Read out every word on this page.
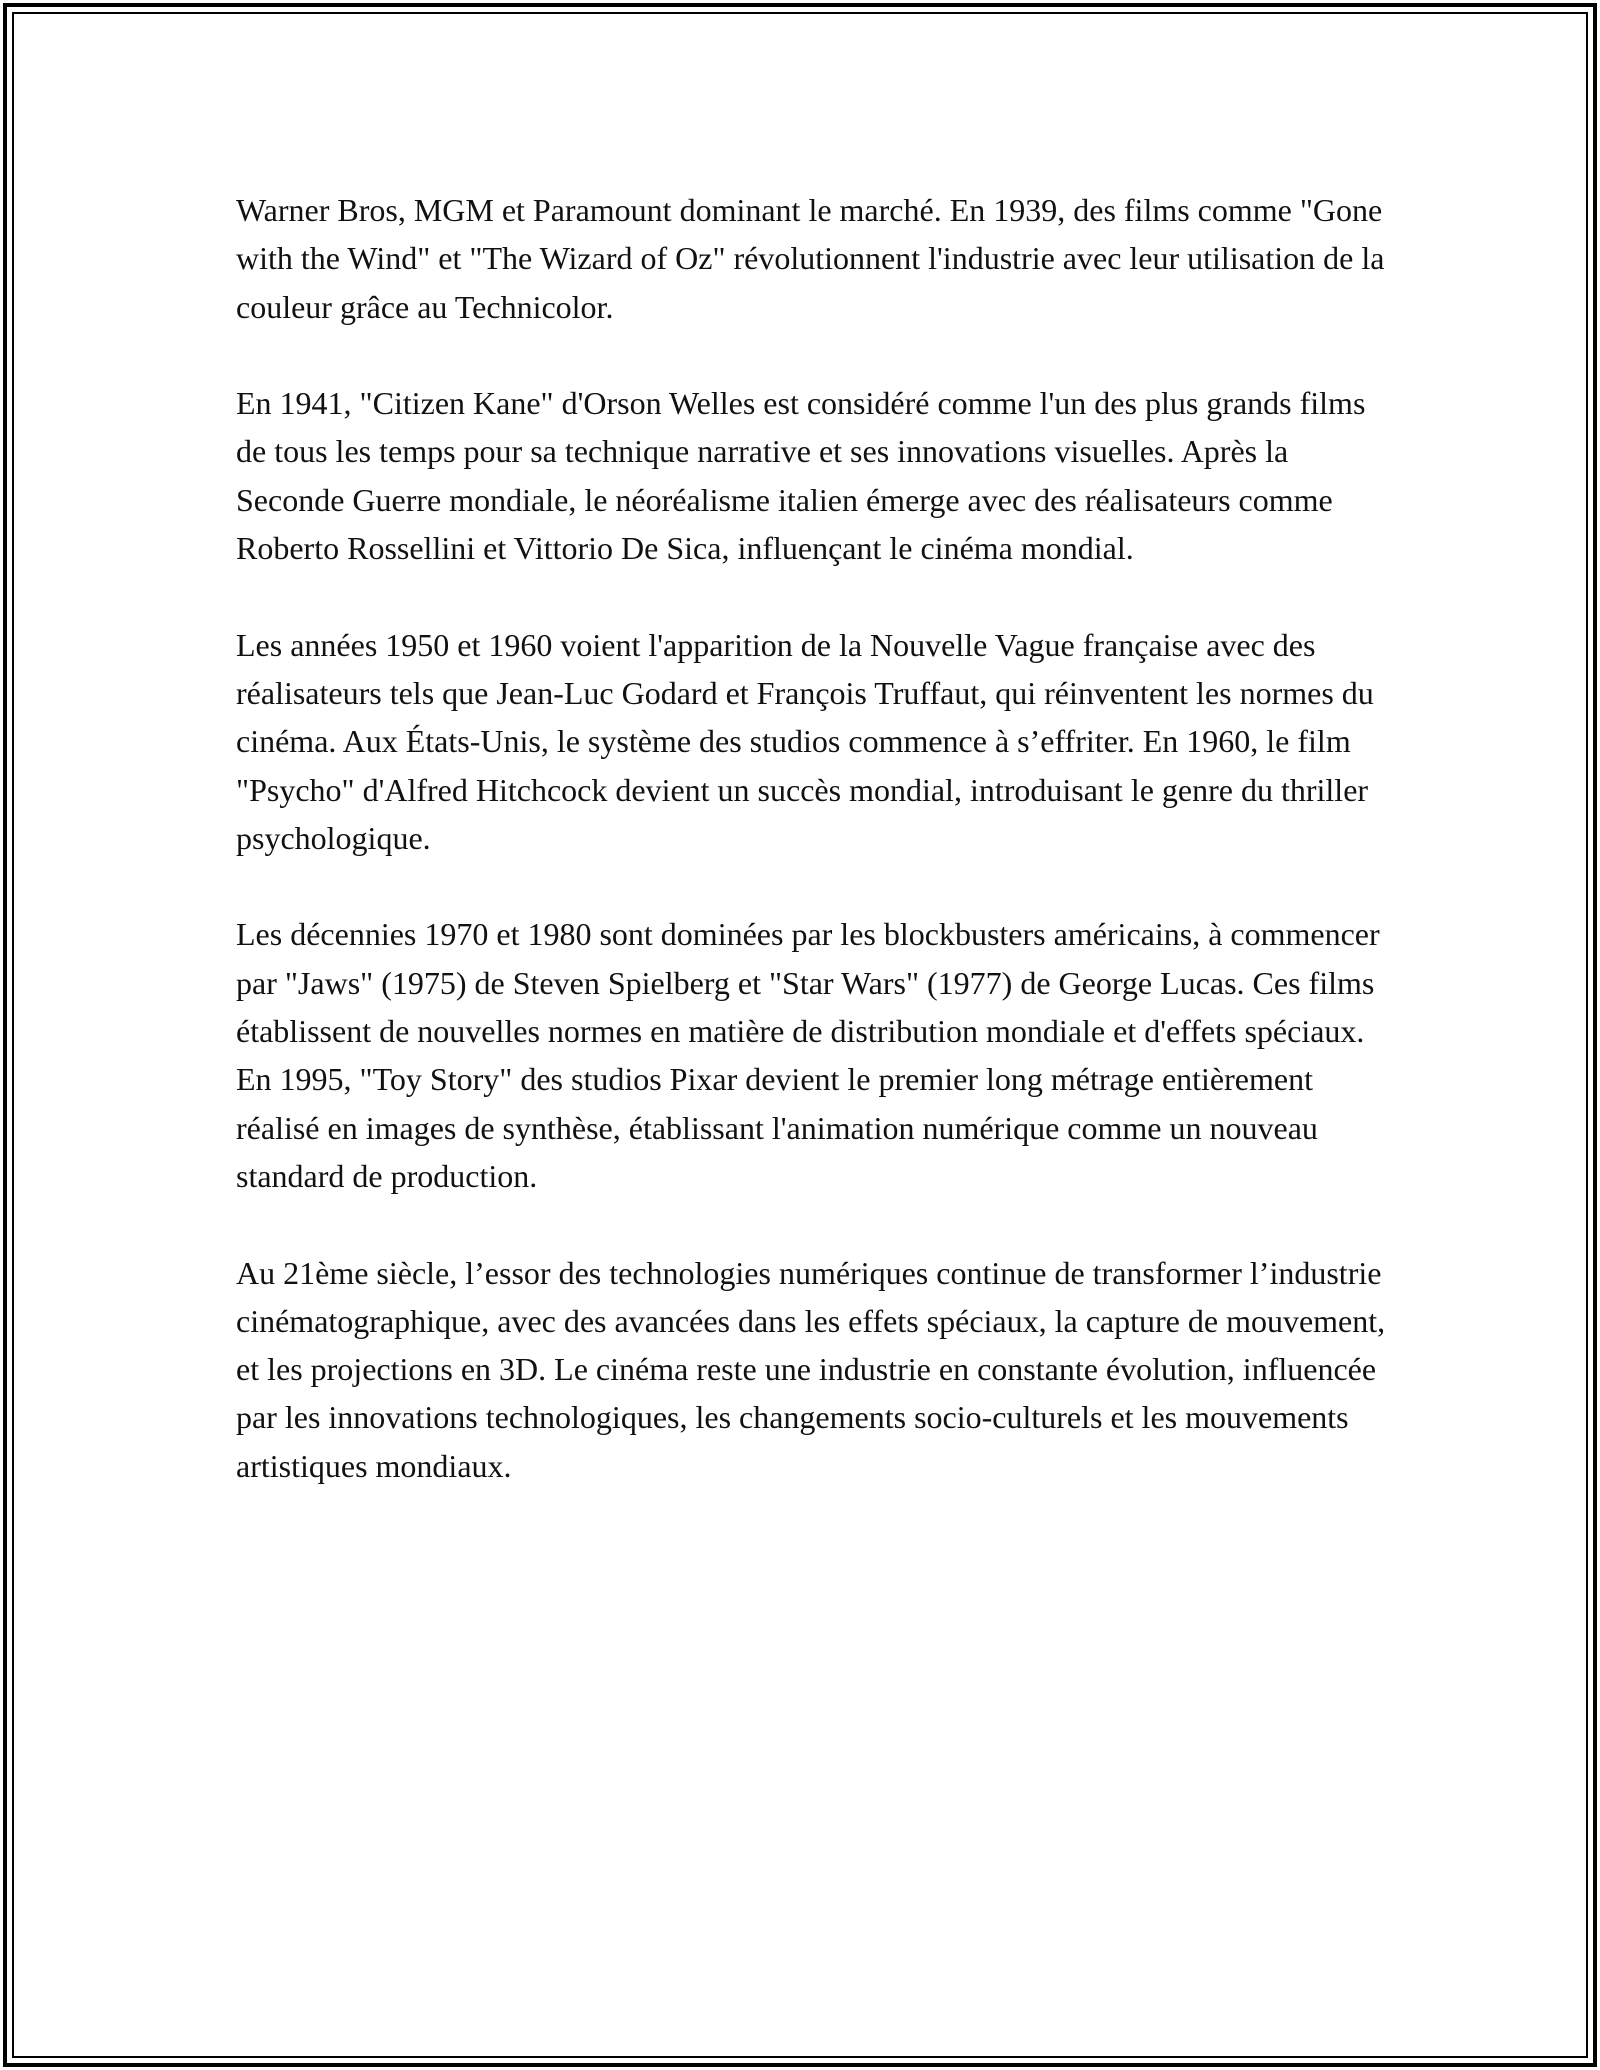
Warner Bros, MGM et Paramount dominant le marché. En 1939, des films comme "Gone with the Wind" et "The Wizard of Oz" révolutionnent l'industrie avec leur utilisation de la couleur grâce au Technicolor.

En 1941, "Citizen Kane" d'Orson Welles est considéré comme l'un des plus grands films de tous les temps pour sa technique narrative et ses innovations visuelles. Après la Seconde Guerre mondiale, le néoréalisme italien émerge avec des réalisateurs comme Roberto Rossellini et Vittorio De Sica, influençant le cinéma mondial.

Les années 1950 et 1960 voient l'apparition de la Nouvelle Vague française avec des réalisateurs tels que Jean-Luc Godard et François Truffaut, qui réinventent les normes du cinéma. Aux États-Unis, le système des studios commence à s’effriter. En 1960, le film "Psycho" d'Alfred Hitchcock devient un succès mondial, introduisant le genre du thriller psychologique.

Les décennies 1970 et 1980 sont dominées par les blockbusters américains, à commencer par "Jaws" (1975) de Steven Spielberg et "Star Wars" (1977) de George Lucas. Ces films établissent de nouvelles normes en matière de distribution mondiale et d'effets spéciaux. En 1995, "Toy Story" des studios Pixar devient le premier long métrage entièrement réalisé en images de synthèse, établissant l'animation numérique comme un nouveau standard de production.

Au 21ème siècle, l’essor des technologies numériques continue de transformer l’industrie cinématographique, avec des avancées dans les effets spéciaux, la capture de mouvement, et les projections en 3D. Le cinéma reste une industrie en constante évolution, influencée par les innovations technologiques, les changements socio-culturels et les mouvements artistiques mondiaux.
